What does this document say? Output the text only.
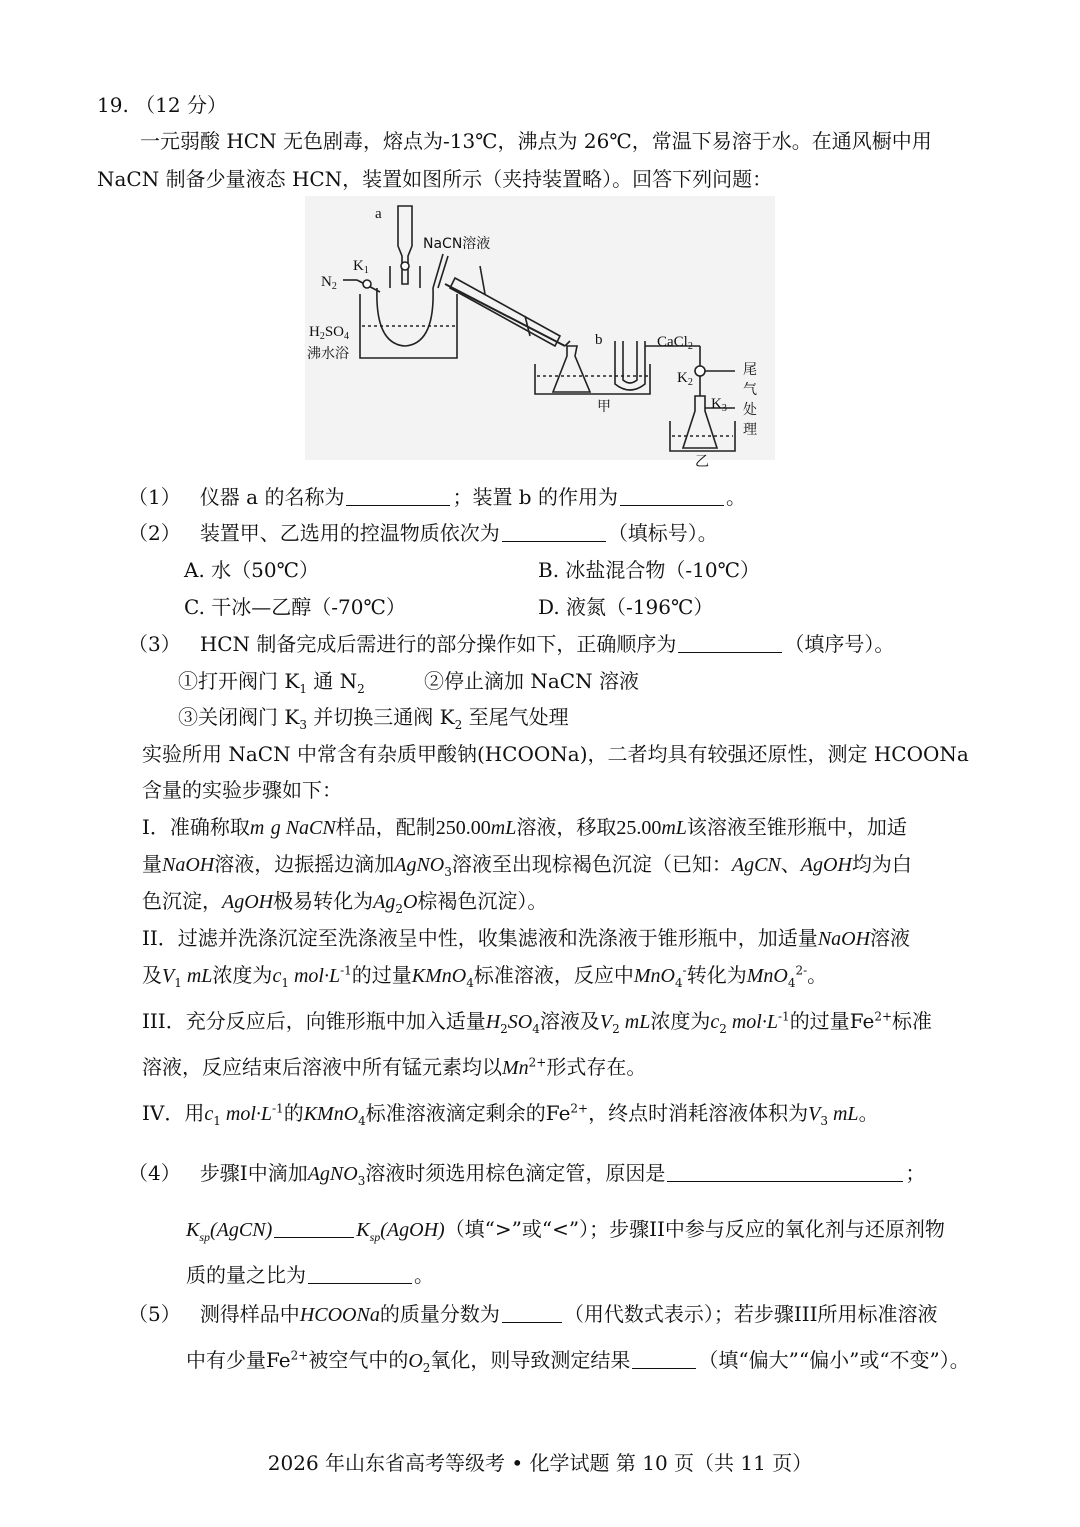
19. （12 分）
一元弱酸 HCN 无色剧毒，熔点为-13℃，沸点为 26℃，常温下易溶于水。在通风橱中用
NaCN 制备少量液态 HCN，装置如图所示（夹持装置略）。回答下列问题：
a
NaCN溶液
$K_1$
$N_2$
$H_2SO_4$
沸水浴
b	CaCl$_2$
$K_2$
$K_3$
尾
气
处
理
甲
乙
（1） 仪器 a 的名称为	；装置 b 的作用为	。
（2） 装置甲、乙选用的控温物质依次为	（填标号）。
A. 水（50℃）	B. 冰盐混合物（-10℃）
C. 干冰—乙醇（-70℃）	D. 液氮（-196℃）
（3） HCN 制备完成后需进行的部分操作如下，正确顺序为	（填序号）。
①打开阀门 $K_1$ 通 $N_2$	②停止滴加 NaCN 溶液
③关闭阀门 $K_3$ 并切换三通阀 $K_2$ 至尾气处理
实验所用 NaCN 中常含有杂质甲酸钠(HCOONa)，二者均具有较强还原性，测定 HCOONa
含量的实验步骤如下：
I．准确称取m g NaCN样品，配制250.00mL溶液，移取25.00mL该溶液至锥形瓶中，加适
量NaOH溶液，边振摇边滴加AgNO$_3$溶液至出现棕褐色沉淀（已知：AgCN、AgOH均为白
色沉淀，AgOH极易转化为$Ag_2O$棕褐色沉淀）。
II．过滤并洗涤沉淀至洗涤液呈中性，收集滤液和洗涤液于锥形瓶中，加适量NaOH溶液
及$V_1$ mL浓度为$c_1$ $mol\cdot L^{-1}$的过量KMnO$_4$标准溶液，反应中MnO$_4$-转化为MnO$_4^{2-}$。
III．充分反应后，向锥形瓶中加入适量$H_2SO_4$溶液及$V_2$ mL浓度为$c_2$ $mol\cdot L^{-1}$的过量$Fe^{2+}$标准
溶液，反应结束后溶液中所有锰元素均以$Mn^{2+}$形式存在。
IV．用$c_1$ $mol\cdot L^{-1}$的KMnO$_4$标准溶液滴定剩余的$Fe^{2+}$，终点时消耗溶液体积为$V_3$ mL。
（4） 步骤I中滴加AgNO$_3$溶液时须选用棕色滴定管，原因是	；
$K_{sp}(AgCN)$	$K_{sp}(AgOH)$（填“>”或“<”）；步骤II中参与反应的氧化剂与还原剂物
质的量之比为	。
（5） 测得样品中HCOONa的质量分数为	（用代数式表示）；若步骤III所用标准溶液
中有少量$Fe^{2+}$被空气中的$O_2$氧化，则导致测定结果	（填“偏大”“偏小”或“不变”）。
2026 年山东省高考等级考 • 化学试题 第 10 页（共 11 页）
